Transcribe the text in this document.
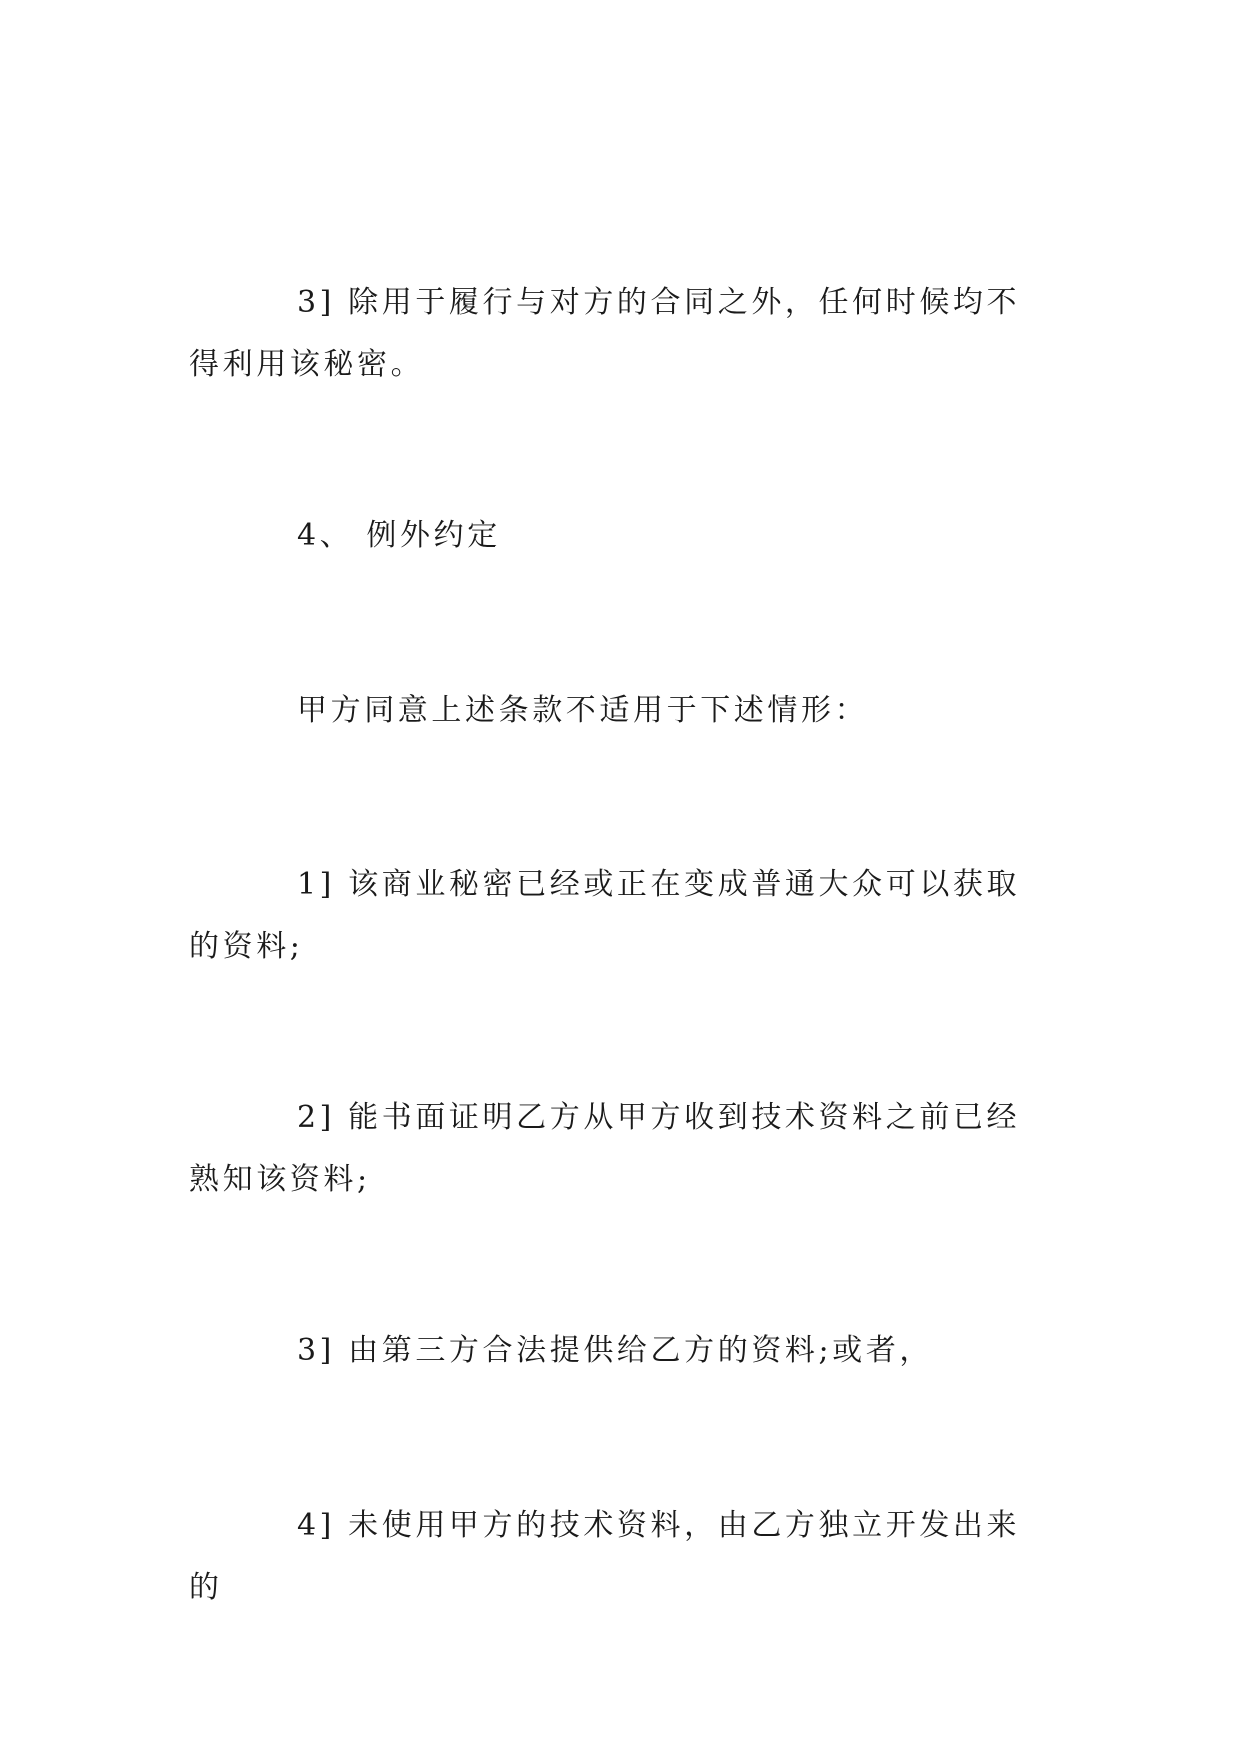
3] 除用于履行与对方的合同之外，任何时候均不得利用该秘密。

4、 例外约定

甲方同意上述条款不适用于下述情形：

1] 该商业秘密已经或正在变成普通大众可以获取的资料;

2] 能书面证明乙方从甲方收到技术资料之前已经熟知该资料;

3] 由第三方合法提供给乙方的资料;或者，

4] 未使用甲方的技术资料，由乙方独立开发出来的
